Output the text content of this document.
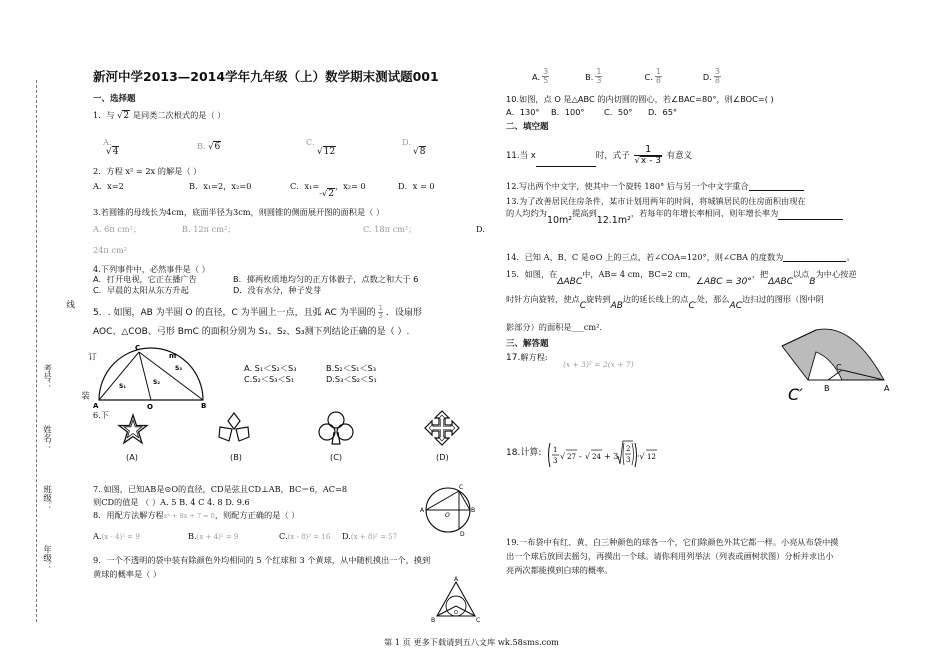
线
订
装
考号：
姓名：
班级：
年级：
新河中学2013—2014学年九年级（上）数学期末测试题001
一、选择题
1．与 √2 是同类二次根式的是（ ）
A.
√4
B. √6	C.
√12
D.
√8
2．方程 x² = 2x 的解是（ ）
A．x=2	B．x₁=2，x₂=0	C．x₁=-√2，x₂= 0	D．x = 0
3.若圆锥的母线长为4cm，底面半径为3cm，则圆锥的侧面展开图的面积是（ ）
A. 6π cm²；	B. 12π cm²；	C. 18π cm²；	D.
24π cm²
4.下列事件中，必然事件是（ ）
A．打开电视，它正在播广告	B．掷两枚质地均匀的正方体骰子，点数之和大于 6
C．早晨的太阳从东方升起	D．没有水分，种子发芽
5．. 如图，AB 为半圆 O 的直径，C 为半圆上一点，且弧 AC 为半圆的 $\frac{1}{3}$ ．设扇形
AOC、△COB、弓形 BmC 的面积分别为 S₁、S₂、S₃测下列结论正确的是（ ）.
A. S₁＜S₂＜S₃	B.S₂＜S₁＜S₃
C.S₂＜S₃＜S₁	D.S₃＜S₂＜S₁
C
m
A	O	B
S₁
S₂
S₃
6.下
(A)	(B)	(C)	(D)
7. 如图，已知AB是⊙O的直径，CD是弦且CD⊥AB，BC＝6，AC=8
则CD的值是 （ ）A. 5 B. 4 C 4. 8 D. 9.6
C
A	B
O
D
8．用配方法解方程x² + 8x + 7 = 0，则配方正确的是（ ）
A.(x - 4)² = 9	B.(x + 4)² = 9	C.(x - 8)² = 16 D.(x + 8)² = 57
9．一个不透明的袋中装有除颜色外均相同的 5 个红球和 3 个黄球，从中随机摸出一个，摸到
黄球的概率是（ ）
A
B	C
O
A. $\frac{3}{5}$	B. $\frac{1}{3}$	C. $\frac{1}{8}$	D. $\frac{3}{8}$
10.如图，点 O 是△ABC 的内切圆的圆心，若∠BAC=80°，则∠BOC=( )
A．130° B．100° C．50° D．65°
二、填空题
11.当 x	时，式子 $\frac{1}{√x - 3}$ 有意义
12.写出两个中文字，使其中一个旋转 180° 后与另一个中文字重合
13.为了改善居民住房条件，某市计划用两年的时间，将城镇居民的住房面积由现在
的人均约为10m²提高到12.1m²，若每年的年增长率相同，则年增长率为
14．已知 A、B、C 是⊙O 上的三点，若∠COA=120°，则∠CBA 的度数为	。
15．如图，在ΔABC中，AB= 4 cm，BC=2 cm，∠ABC = 30°，把ΔABC以点B为中心按逆
时针方向旋转，使点C旋转到AB边的延长线上的点C′处，那么AC边扫过的图形（图中阴
影部分）的面积是___cm².
C
C′	B	A
三、解答题
17.解方程:
(x + 3)² = 2(x + 7)
18.计算: 1
3 √ 27 - √ 24 + 3
2
3 ·√ 12
19.一布袋中有红、黄、白三种颜色的球各一个，它们除颜色外其它都一样。小亮从布袋中摸
出一个球后放回去摇匀，再摸出一个球。请你利用列举法（列表或画树状图）分析并求出小
亮两次都能摸到白球的概率。
第 1 页 更多下载请到五八文库 wk.58sms.com
